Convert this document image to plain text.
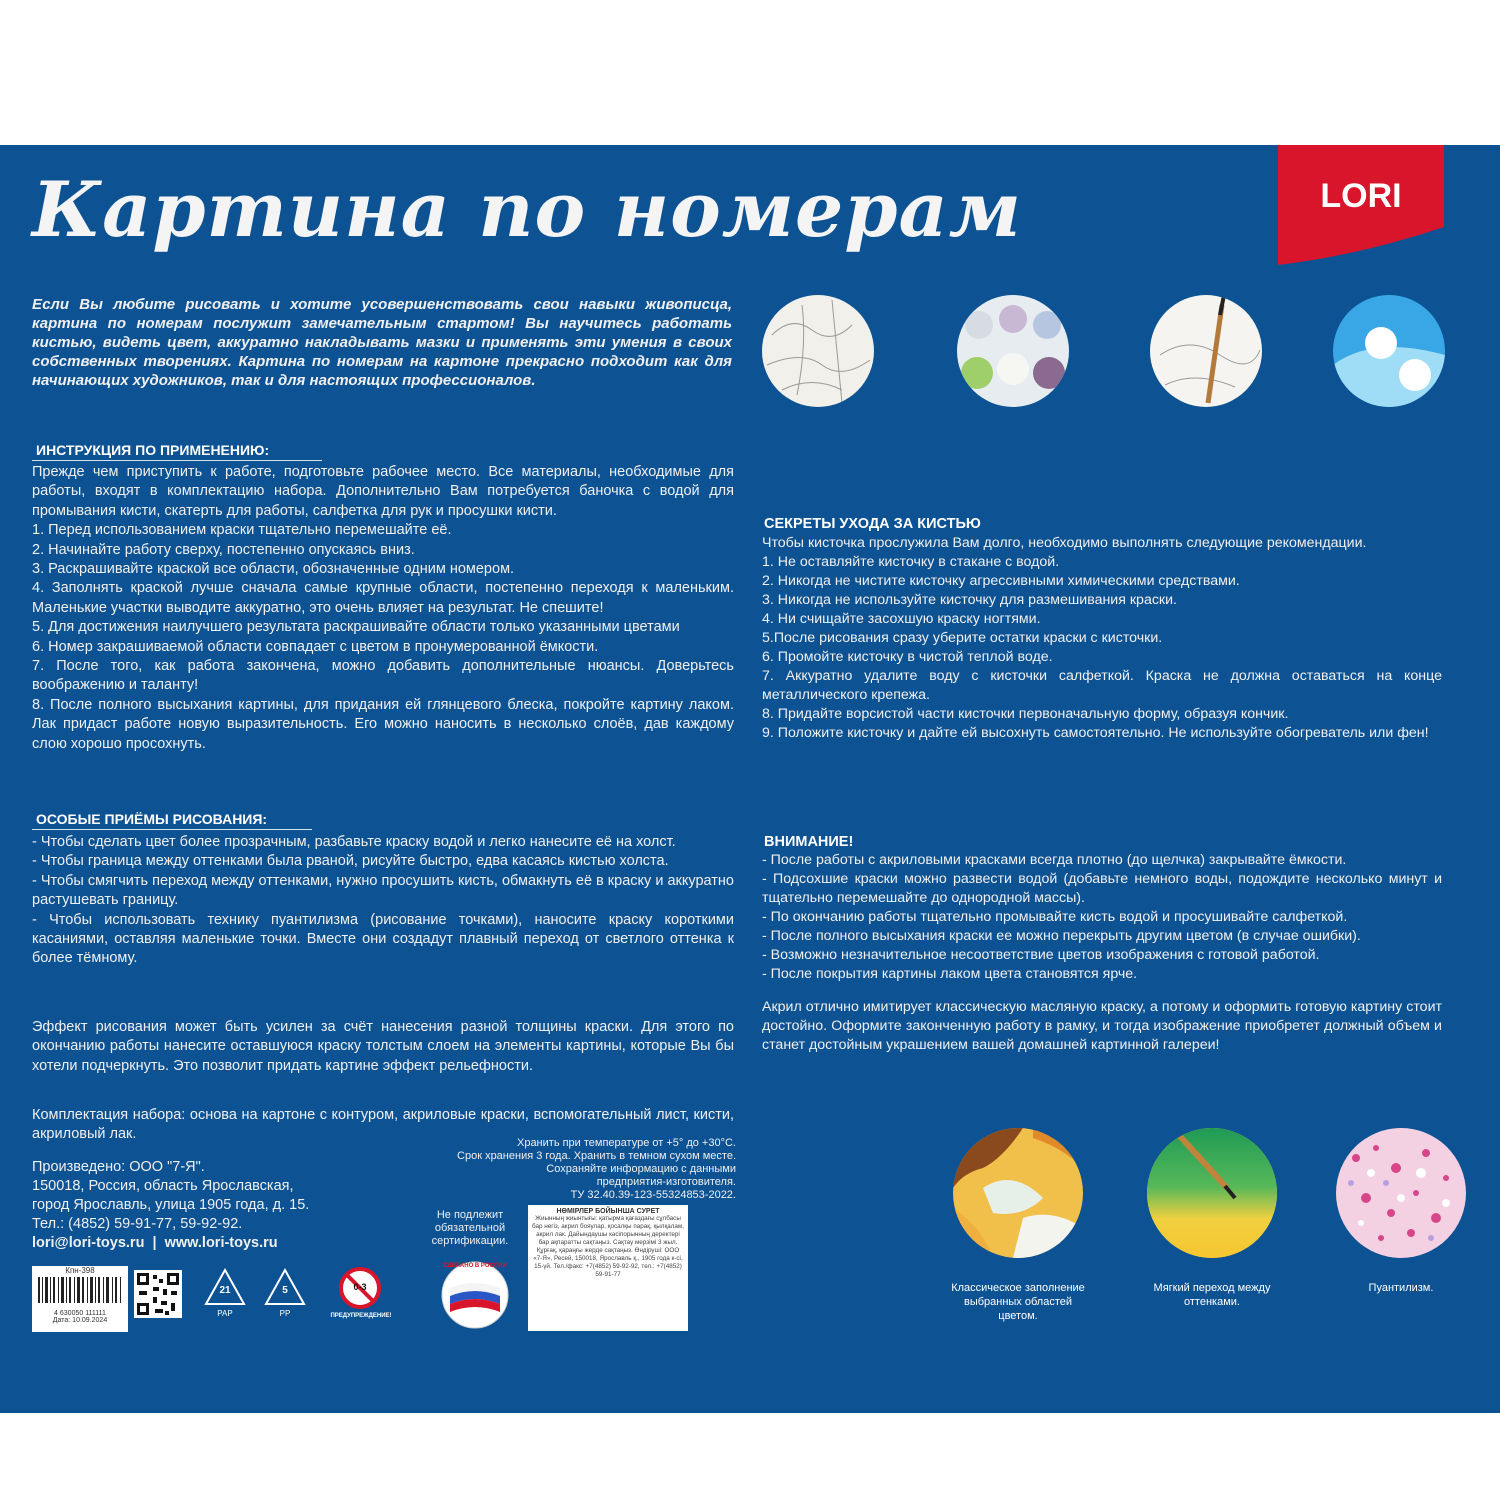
Картина по номерам	LORI
Если Вы любите рисовать и хотите усовершенствовать свои навыки живописца, картина по номерам послужит замечательным стартом! Вы научитесь работать кистью, видеть цвет, аккуратно накладывать мазки и применять эти умения в своих собственных творениях. Картина по номерам на картоне прекрасно подходит как для начинающих художников, так и для настоящих профессионалов.
ИНСТРУКЦИЯ ПО ПРИМЕНЕНИЮ:
Прежде чем приступить к работе, подготовьте рабочее место. Все материалы, необходимые для работы, входят в комплектацию набора. Дополнительно Вам потребуется баночка с водой для промывания кисти, скатерть для работы, салфетка для рук и просушки кисти.
1. Перед использованием краски тщательно перемешайте её.
2. Начинайте работу сверху, постепенно опускаясь вниз.
3. Раскрашивайте краской все области, обозначенные одним номером.
4. Заполнять краской лучше сначала самые крупные области, постепенно переходя к маленьким. Маленькие участки выводите аккуратно, это очень влияет на результат. Не спешите!
5. Для достижения наилучшего результата раскрашивайте области только указанными цветами
6. Номер закрашиваемой области совпадает с цветом в пронумерованной ёмкости.
7. После того, как работа закончена, можно добавить дополнительные нюансы. Доверьтесь воображению и таланту!
8. После полного высыхания картины, для придания ей глянцевого блеска, покройте картину лаком. Лак придаст работе новую выразительность. Его можно наносить в несколько слоёв, дав каждому слою хорошо просохнуть.
ОСОБЫЕ ПРИЁМЫ РИСОВАНИЯ:
- Чтобы сделать цвет более прозрачным, разбавьте краску водой и легко нанесите её на холст.
- Чтобы граница между оттенками была рваной, рисуйте быстро, едва касаясь кистью холста.
- Чтобы смягчить переход между оттенками, нужно просушить кисть, обмакнуть её в краску и аккуратно растушевать границу.
- Чтобы использовать технику пуантилизма (рисование точками), наносите краску короткими касаниями, оставляя маленькие точки. Вместе они создадут плавный переход от светлого оттенка к более тёмному.
Эффект рисования может быть усилен за счёт нанесения разной толщины краски. Для этого по окончанию работы нанесите оставшуюся краску толстым слоем на элементы картины, которые Вы бы хотели подчеркнуть. Это позволит придать картине эффект рельефности.
Комплектация набора: основа на картоне с контуром, акриловые краски, вспомогательный лист, кисти, акриловый лак.
Хранить при температуре от +5° до +30°С.
Срок хранения 3 года. Хранить в темном сухом месте.
Сохраняйте информацию с данными
предприятия-изготовителя.
ТУ 32.40.39-123-55324853-2022.
Произведено: ООО "7-Я".
150018, Россия, область Ярославская,
город Ярославль, улица 1905 года, д. 15.
Тел.: (4852) 59-91-77, 59-92-92.
lori@lori-toys.ru  |  www.lori-toys.ru
Не подлежит
обязательной
сертификации.
Кпн-398
4 630050 111111
Дата: 10.09.2024
21
PAP
5
PP
0-3
ПРЕДУПРЕЖДЕНИЕ!
СДЕЛАНО В РОССИИ
НӨМІРЛЕР БОЙЫНША СУРЕТ
Жиынның жиынтығы: қатырма қағаздағы сұлбасы бар негіз, акрил бояулар, қосалқы парақ, қылқалам, акрил лак. Дайындаушы кәсіпорынның деректері бар ақпаратты сақтаңыз. Сақтау мерзімі 3 жыл. Құрғақ, қараңғы жерде сақтаңыз. Өндіруші: ООО «7-Я», Ресей, 150018, Ярославль қ., 1905 года к-сі, 15-үй. Тел./факс: +7(4852) 59-92-92, тел.: +7(4852) 59-91-77
KZ
СЕКРЕТЫ УХОДА ЗА КИСТЬЮ
Чтобы кисточка прослужила Вам долго, необходимо выполнять следующие рекомендации.
1. Не оставляйте кисточку в стакане с водой.
2. Никогда не чистите кисточку агрессивными химическими средствами.
3. Никогда не используйте кисточку для размешивания краски.
4. Ни счищайте засохшую краску ногтями.
5.После рисования сразу уберите остатки краски с кисточки.
6. Промойте кисточку в чистой теплой воде.
7. Аккуратно удалите воду с кисточки салфеткой. Краска не должна оставаться на конце металлического крепежа.
8. Придайте ворсистой части кисточки первоначальную форму, образуя кончик.
9. Положите кисточку и дайте ей высохнуть самостоятельно. Не используйте обогреватель или фен!
ВНИМАНИЕ!
- После работы с акриловыми красками всегда плотно (до щелчка) закрывайте ёмкости.
- Подсохшие краски можно развести водой (добавьте немного воды, подождите несколько минут и тщательно перемешайте до однородной массы).
- По окончанию работы тщательно промывайте кисть водой и просушивайте салфеткой.
- После полного высыхания краски ее можно перекрыть другим цветом (в случае ошибки).
- Возможно незначительное несоответствие цветов изображения с готовой работой.
- После покрытия картины лаком цвета становятся ярче.
Акрил отлично имитирует классическую масляную краску, а потому и оформить готовую картину стоит достойно. Оформите законченную работу в рамку, и тогда изображение приобретет должный объем и станет достойным украшением вашей домашней картинной галереи!
Классическое заполнение выбранных областей цветом.
Мягкий переход между оттенками.
Пуантилизм.
